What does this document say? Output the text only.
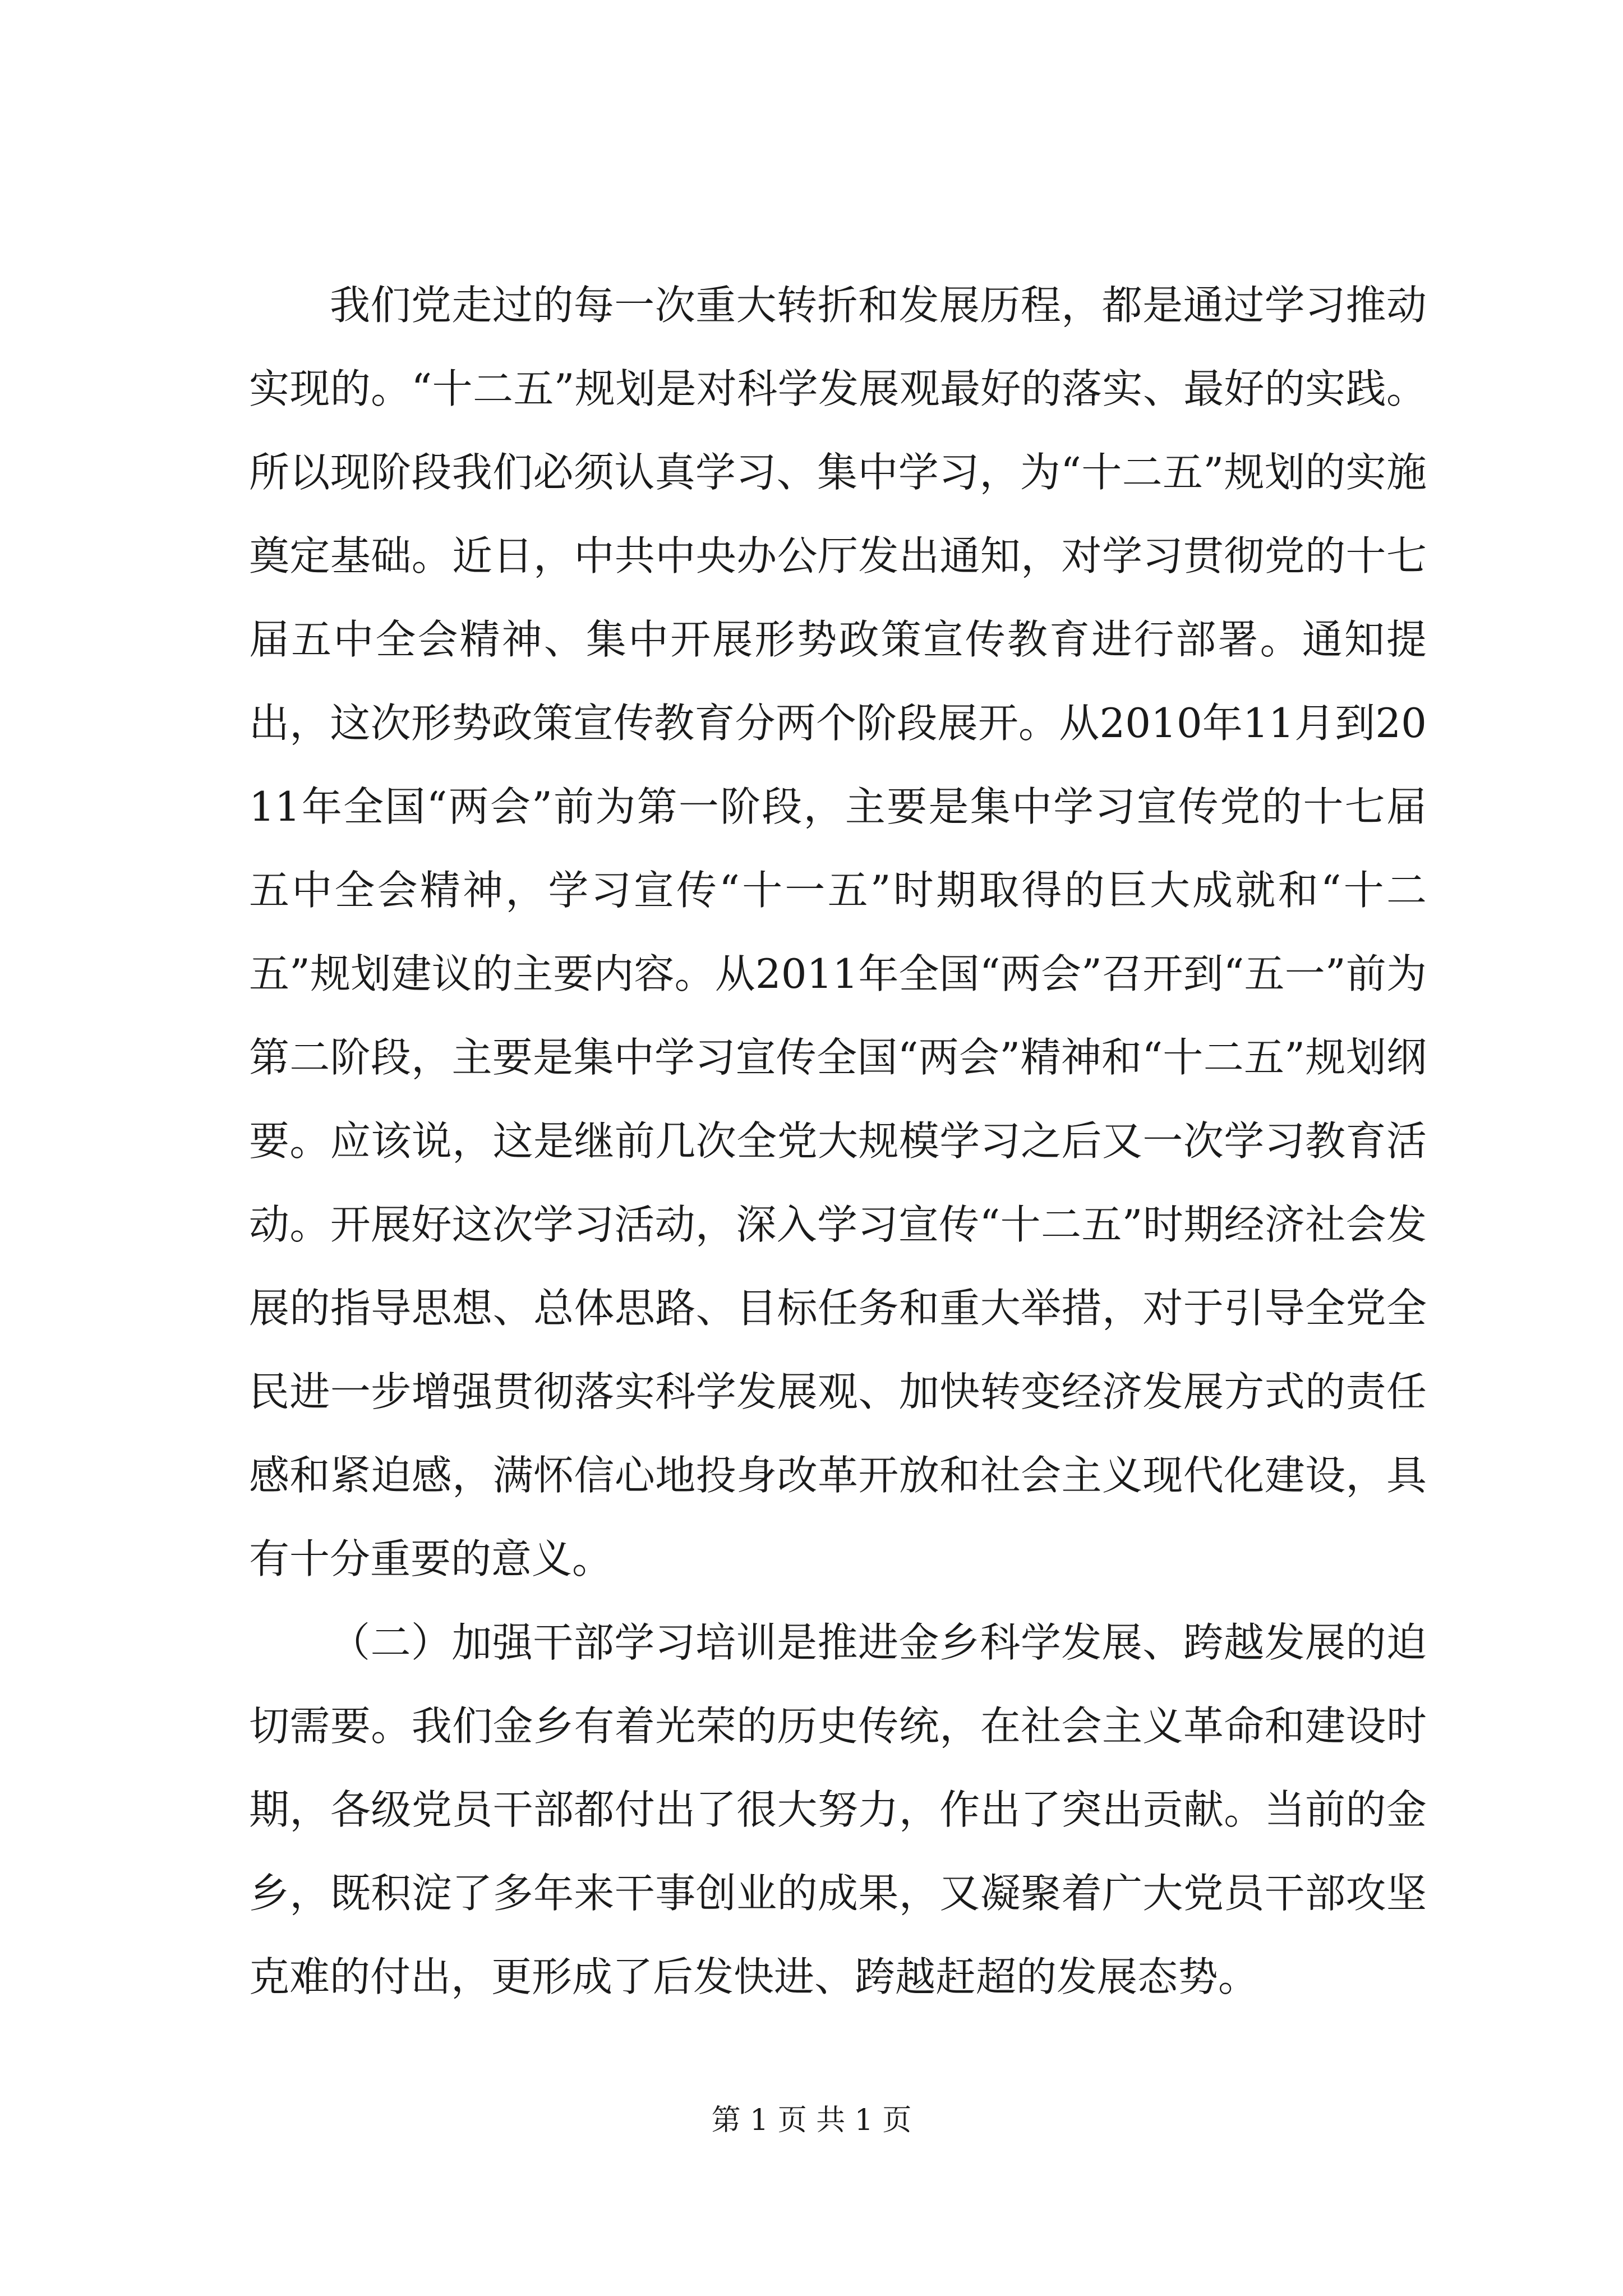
我们党走过的每一次重大转折和发展历程，都是通过学习推动实现的。“十二五”规划是对科学发展观最好的落实、最好的实践。所以现阶段我们必须认真学习、集中学习，为“十二五”规划的实施奠定基础。近日，中共中央办公厅发出通知，对学习贯彻党的十七届五中全会精神、集中开展形势政策宣传教育进行部署。通知提出，这次形势政策宣传教育分两个阶段展开。从2010年11月到2011年全国“两会”前为第一阶段，主要是集中学习宣传党的十七届五中全会精神，学习宣传“十一五”时期取得的巨大成就和“十二五”规划建议的主要内容。从2011年全国“两会”召开到“五一”前为第二阶段，主要是集中学习宣传全国“两会”精神和“十二五”规划纲要。应该说，这是继前几次全党大规模学习之后又一次学习教育活动。开展好这次学习活动，深入学习宣传“十二五”时期经济社会发展的指导思想、总体思路、目标任务和重大举措，对于引导全党全民进一步增强贯彻落实科学发展观、加快转变经济发展方式的责任感和紧迫感，满怀信心地投身改革开放和社会主义现代化建设，具有十分重要的意义。

（二）加强干部学习培训是推进金乡科学发展、跨越发展的迫切需要。我们金乡有着光荣的历史传统，在社会主义革命和建设时期，各级党员干部都付出了很大努力，作出了突出贡献。当前的金乡，既积淀了多年来干事创业的成果，又凝聚着广大党员干部攻坚克难的付出，更形成了后发快进、跨越赶超的发展态势。

第 1 页 共 1 页
